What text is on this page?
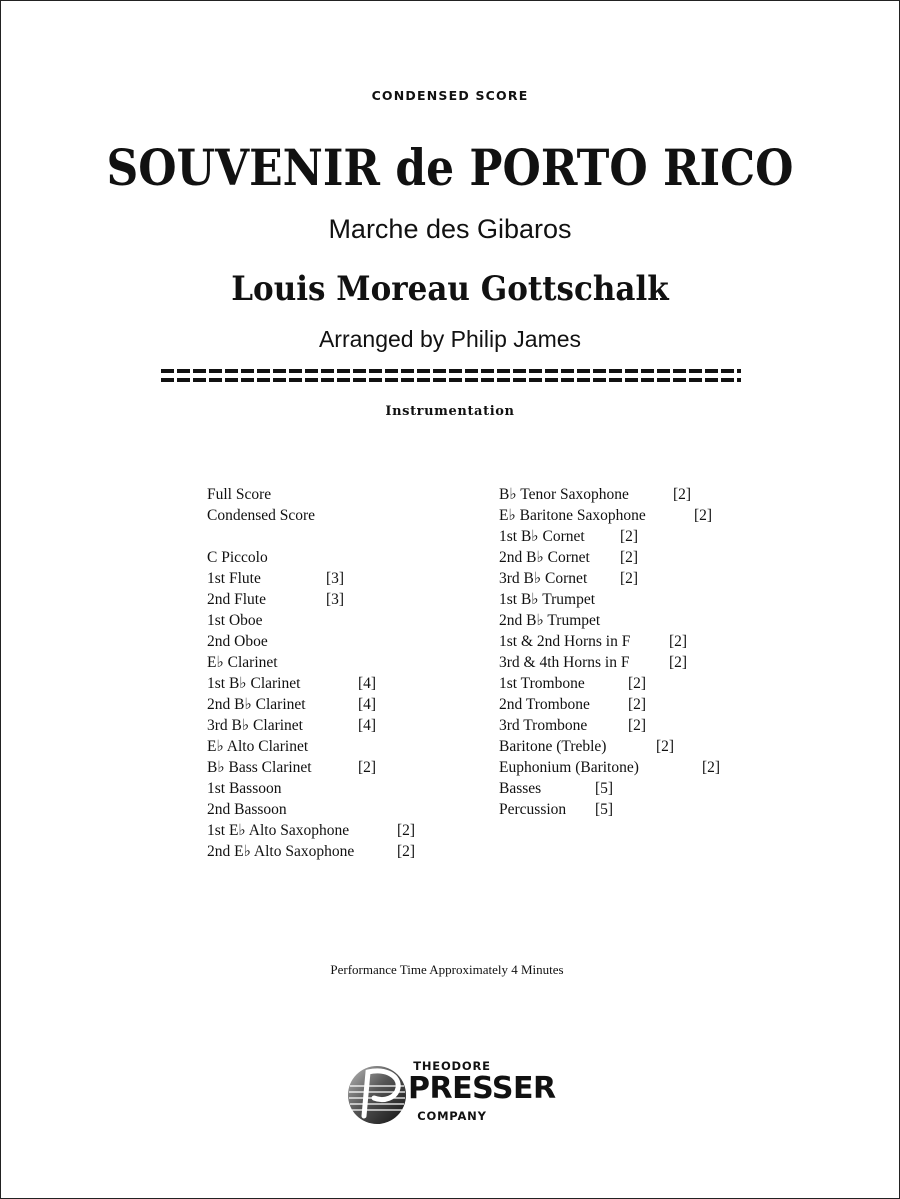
CONDENSED SCORE
SOUVENIR de PORTO RICO
Marche des Gibaros
Louis Moreau Gottschalk
Arranged by Philip James
Instrumentation
Full Score
Condensed Score
C Piccolo
1st Flute	[3]
2nd Flute	[3]
1st Oboe
2nd Oboe
E♭ Clarinet
1st B♭ Clarinet	[4]
2nd B♭ Clarinet	[4]
3rd B♭ Clarinet	[4]
E♭ Alto Clarinet
B♭ Bass Clarinet	[2]
1st Bassoon
2nd Bassoon
1st E♭ Alto Saxophone	[2]
2nd E♭ Alto Saxophone	[2]
B♭ Tenor Saxophone	[2]
E♭ Baritone Saxophone	[2]
1st B♭ Cornet [2]
2nd B♭ Cornet [2]
3rd B♭ Cornet [2]
1st B♭ Trumpet
2nd B♭ Trumpet
1st & 2nd Horns in F [2]
3rd & 4th Horns in F	[2]
1st Trombone	[2]
2nd Trombone [2]
3rd Trombone	[2]
Baritone (Treble)	[2]
Euphonium (Baritone)	[2]
Basses	[5]
Percussion [5]
Performance Time Approximately 4 Minutes
THEODORE
PRESSER
COMPANY
